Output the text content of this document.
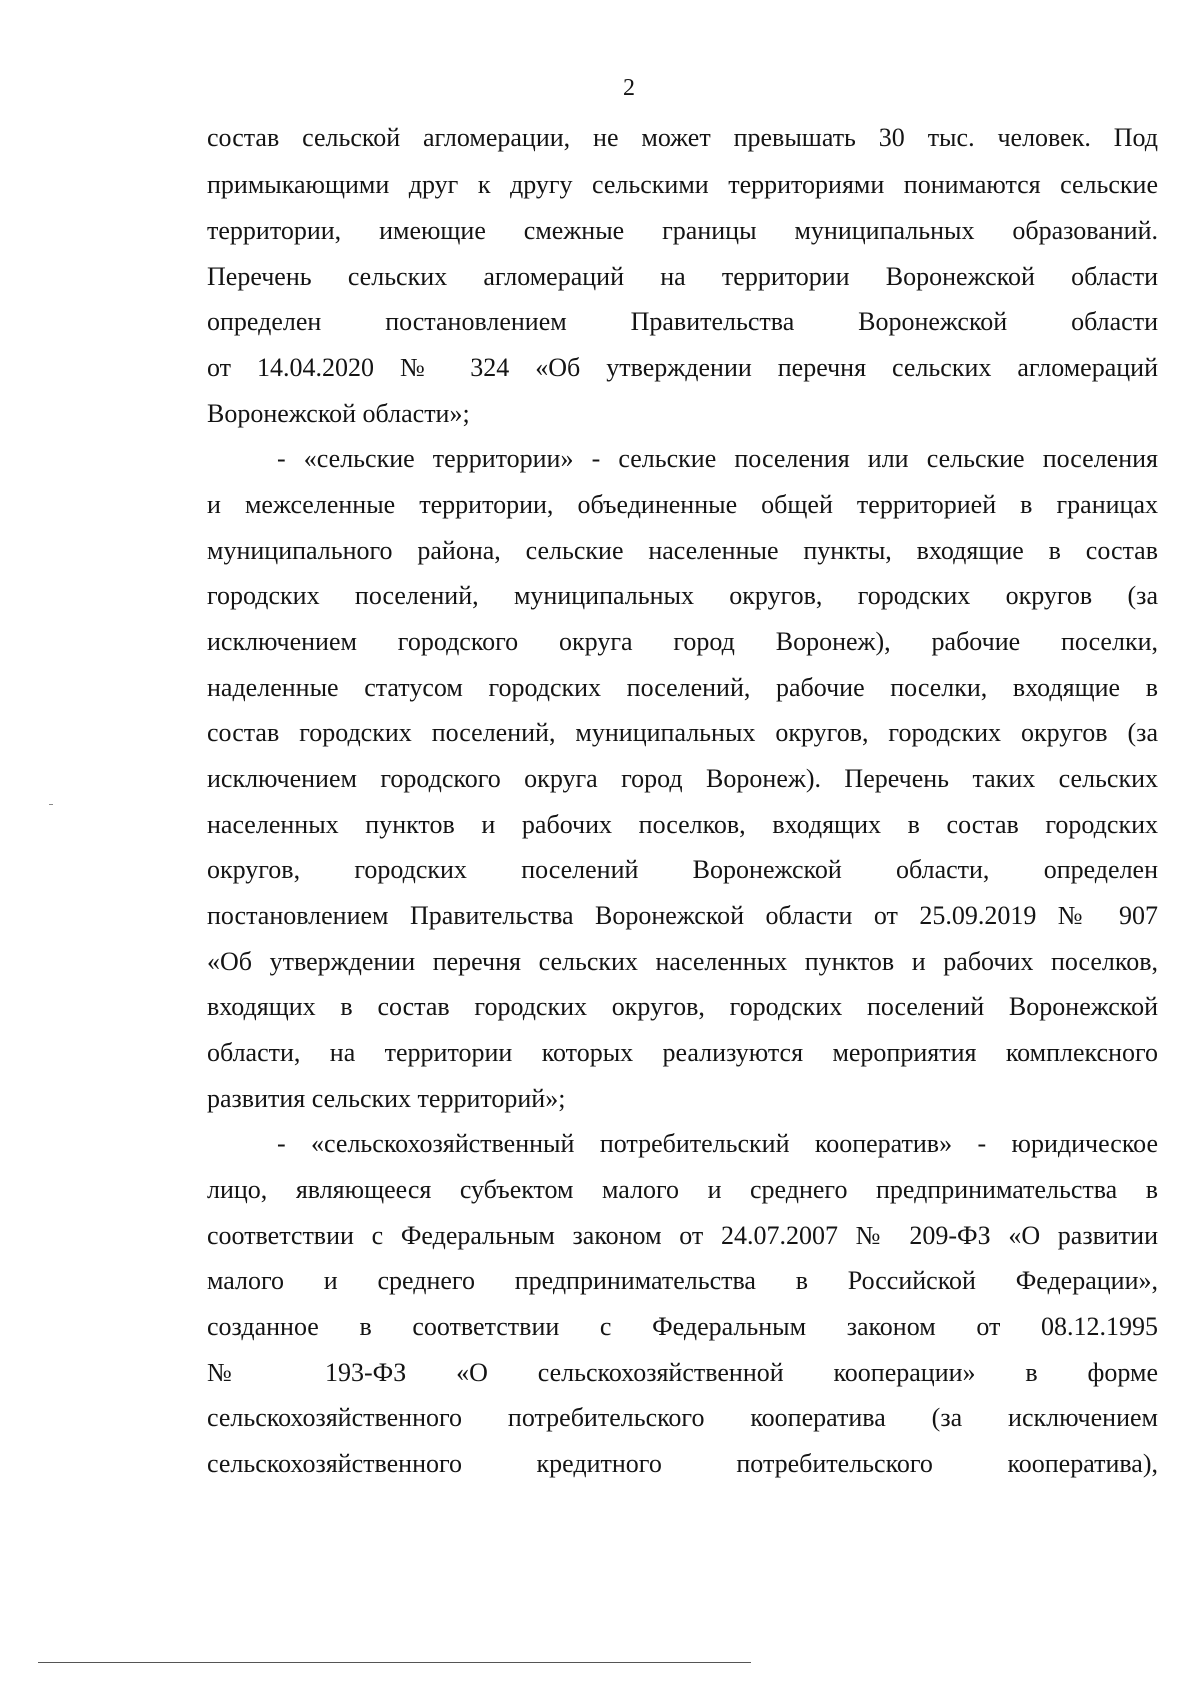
2
состав сельской агломерации, не может превышать 30 тыс. человек. Под
примыкающими друг к другу сельскими территориями понимаются сельские
территории, имеющие смежные границы муниципальных образований.
Перечень сельских агломераций на территории Воронежской области
определен постановлением Правительства Воронежской области
от 14.04.2020 № 324 «Об утверждении перечня сельских агломераций
Воронежской области»;
- «сельские территории» - сельские поселения или сельские поселения
и межселенные территории, объединенные общей территорией в границах
муниципального района, сельские населенные пункты, входящие в состав
городских поселений, муниципальных округов, городских округов (за
исключением городского округа город Воронеж), рабочие поселки,
наделенные статусом городских поселений, рабочие поселки, входящие в
состав городских поселений, муниципальных округов, городских округов (за
исключением городского округа город Воронеж). Перечень таких сельских
населенных пунктов и рабочих поселков, входящих в состав городских
округов, городских поселений Воронежской области, определен
постановлением Правительства Воронежской области от 25.09.2019 № 907
«Об утверждении перечня сельских населенных пунктов и рабочих поселков,
входящих в состав городских округов, городских поселений Воронежской
области, на территории которых реализуются мероприятия комплексного
развития сельских территорий»;
- «сельскохозяйственный потребительский кооператив» - юридическое
лицо, являющееся субъектом малого и среднего предпринимательства в
соответствии с Федеральным законом от 24.07.2007 № 209-ФЗ «О развитии
малого и среднего предпринимательства в Российской Федерации»,
созданное в соответствии с Федеральным законом от 08.12.1995
№ 193-ФЗ «О сельскохозяйственной кооперации» в форме
сельскохозяйственного потребительского кооператива (за исключением
сельскохозяйственного кредитного потребительского кооператива),
